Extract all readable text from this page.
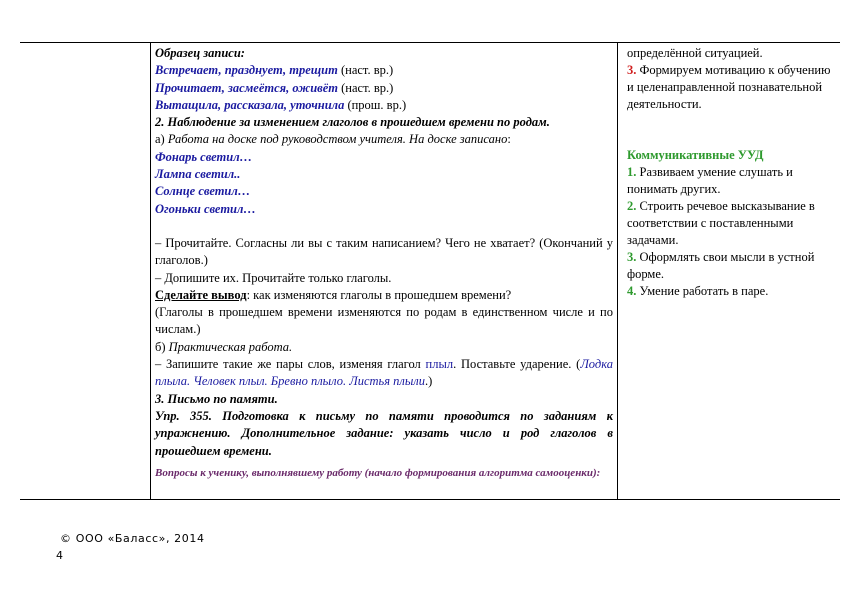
Образец записи:
Встречает, празднует, трещит (наст. вр.)
Прочитает, засмеётся, оживёт (наст. вр.)
Вытащила, рассказала, уточнила (прош. вр.)
2. Наблюдение за изменением глаголов в прошедшем времени по родам.
а) Работа на доске под руководством учителя. На доске записано:
Фонарь светил…
Лампа светил..
Солнце светил…
Огоньки светил…
– Прочитайте. Согласны ли вы с таким написанием? Чего не хватает? (Окончаний у глаголов.)
– Допишите их. Прочитайте только глаголы.
Сделайте вывод: как изменяются глаголы в прошедшем времени?
(Глаголы в прошедшем времени изменяются по родам в единственном числе и по числам.)
б) Практическая работа.
– Запишите такие же пары слов, изменяя глагол плыл. Поставьте ударение. (Лодка плыла. Человек плыл. Бревно плыло. Листья плыли.)
3. Письмо по памяти.
Упр. 355. Подготовка к письму по памяти проводится по заданиям к упражнению. Дополнительное задание: указать число и род глаголов в прошедшем времени.
Вопросы к ученику, выполнявшему работу (начало формирования алгоритма самооценки):
определённой ситуацией.
3. Формируем мотивацию к обучению и целенаправленной познавательной деятельности.
Коммуникативные УУД
1. Развиваем умение слушать и понимать других.
2. Строить речевое высказывание в соответствии с поставленными задачами.
3. Оформлять свои мысли в устной форме.
4. Умение работать в паре.
© ООО «Баласс», 2014
4
